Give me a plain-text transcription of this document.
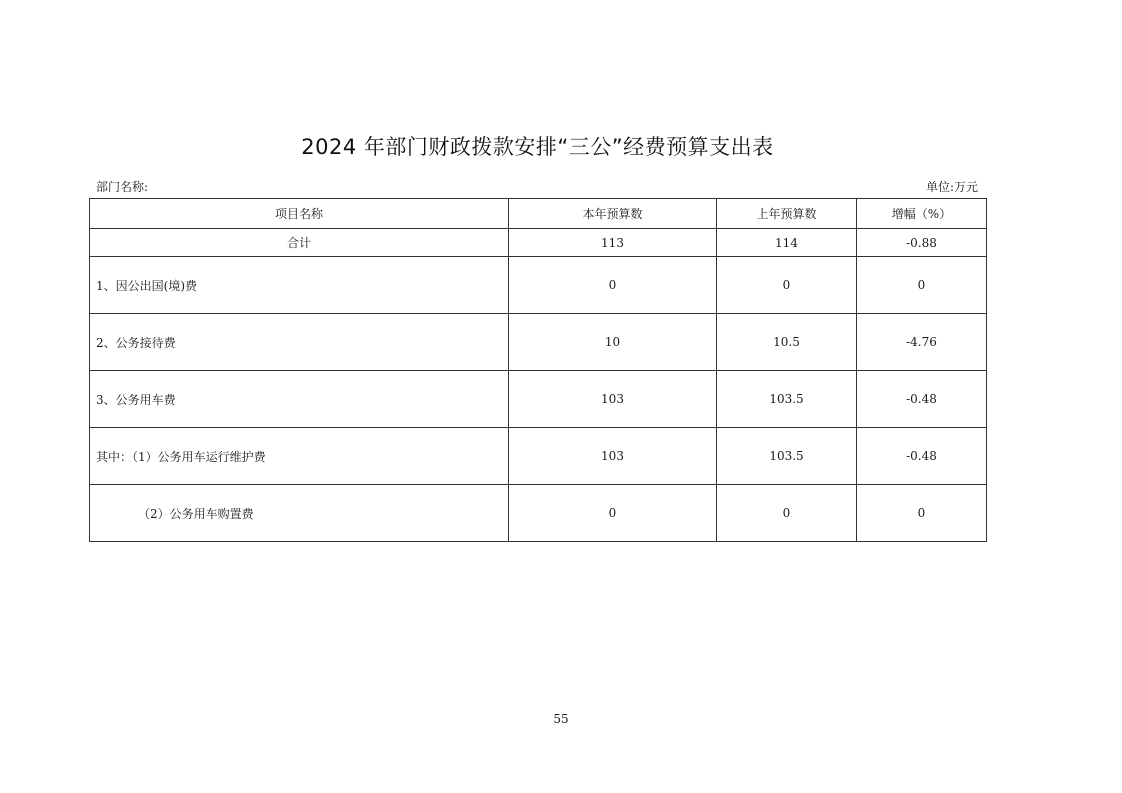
2024 年部门财政拨款安排“三公”经费预算支出表
部门名称:	单位:万元
项目名称	本年预算数	上年预算数	增幅（%）
合计	113	114	-0.88
1、因公出国(境)费	0	0	0
2、公务接待费	10	10.5	-4.76
3、公务用车费	103	103.5	-0.48
其中：（1）公务用车运行维护费	103	103.5	-0.48
（2）公务用车购置费	0	0	0
55
